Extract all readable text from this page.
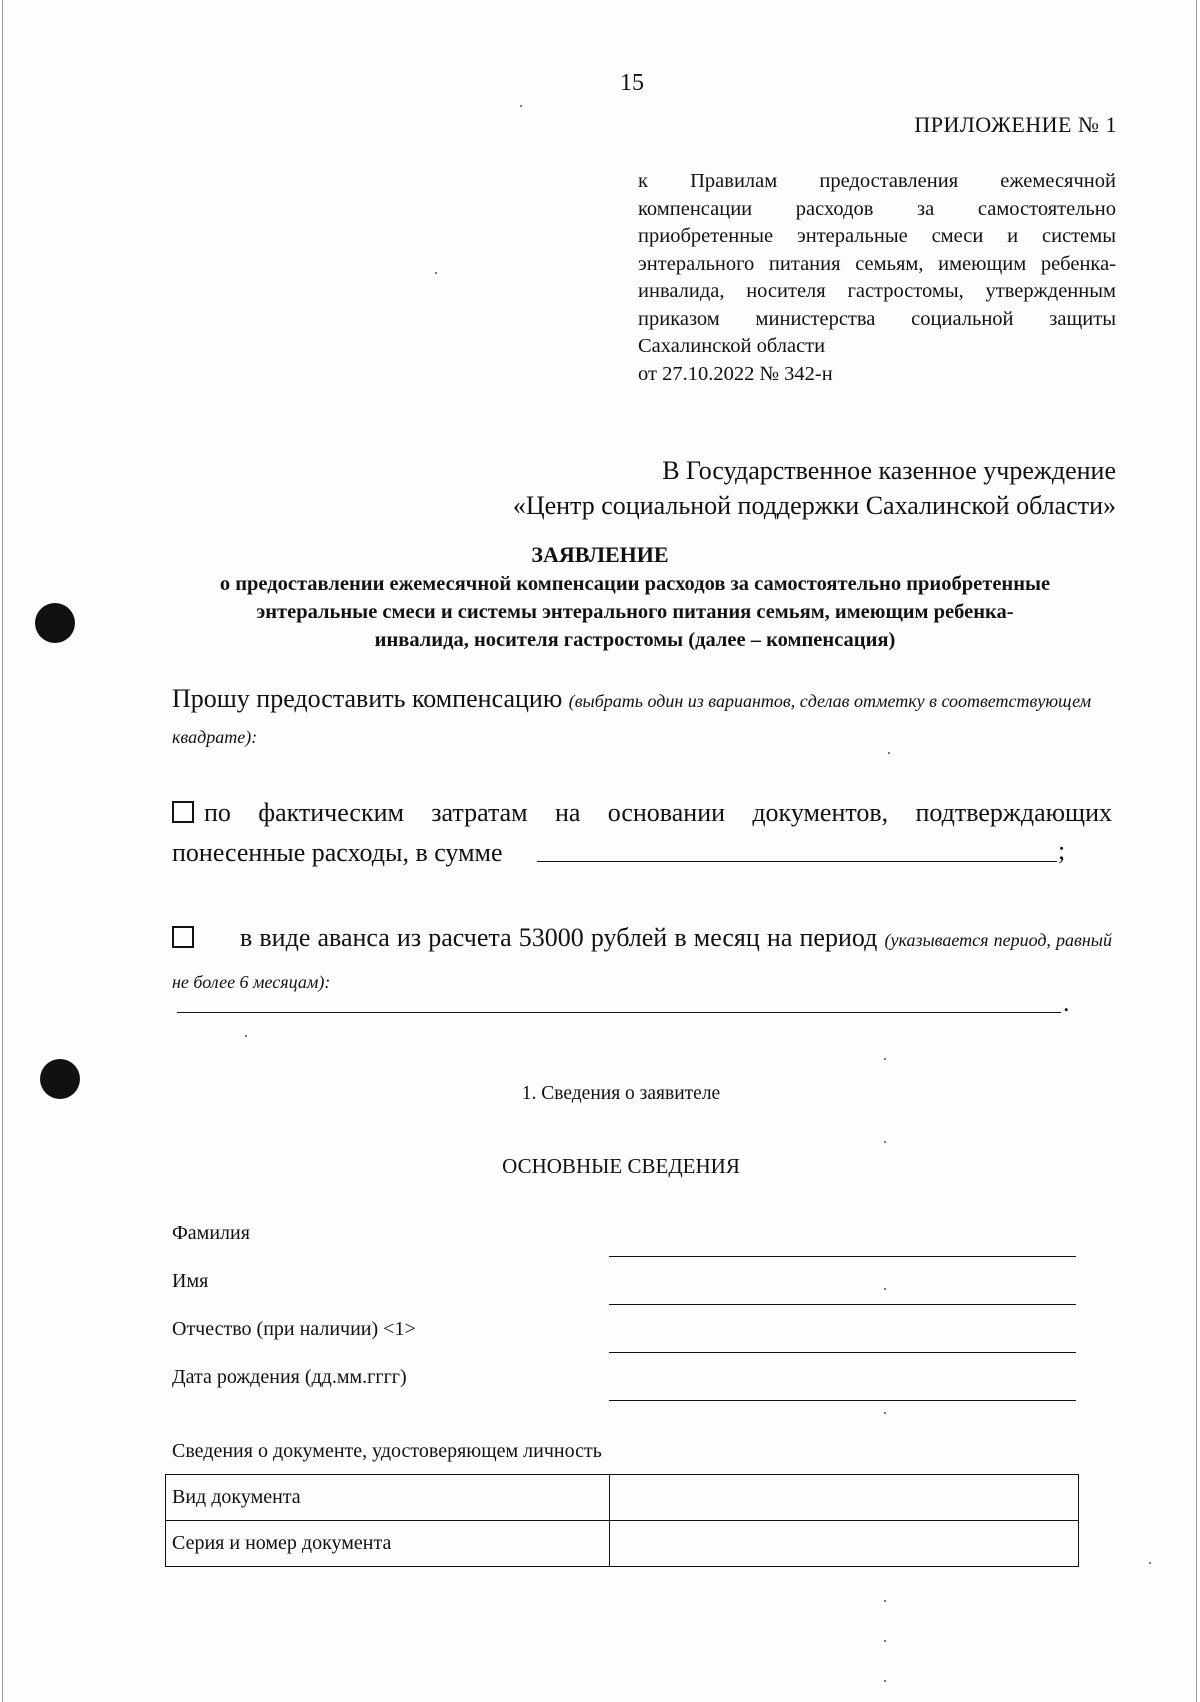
15
ПРИЛОЖЕНИЕ № 1
к Правилам предоставления ежемесячной компенсации расходов за самостоятельно приобретенные энтеральные смеси и системы энтерального питания семьям, имеющим ребенка-инвалида, носителя гастростомы, утвержденным приказом министерства социальной защиты Сахалинской области
от 27.10.2022 № 342-н
В Государственное казенное учреждение
«Центр социальной поддержки Сахалинской области»
ЗАЯВЛЕНИЕ
о предоставлении ежемесячной компенсации расходов за самостоятельно приобретенные энтеральные смеси и системы энтерального питания семьям, имеющим ребенка-инвалида, носителя гастростомы (далее – компенсация)
Прошу предоставить компенсацию (выбрать один из вариантов, сделав отметку в соответствующем квадрате):
по фактическим затратам на основании документов, подтверждающих понесенные расходы, в сумме	;
в виде аванса из расчета 53000 рублей в месяц на период (указывается период, равный не более 6 месяцам):
.
1. Сведения о заявителе
ОСНОВНЫЕ СВЕДЕНИЯ
Фамилия
Имя
Отчество (при наличии) <1>
Дата рождения (дд.мм.гггг)
Сведения о документе, удостоверяющем личность
Вид документа	
Серия и номер документа	
